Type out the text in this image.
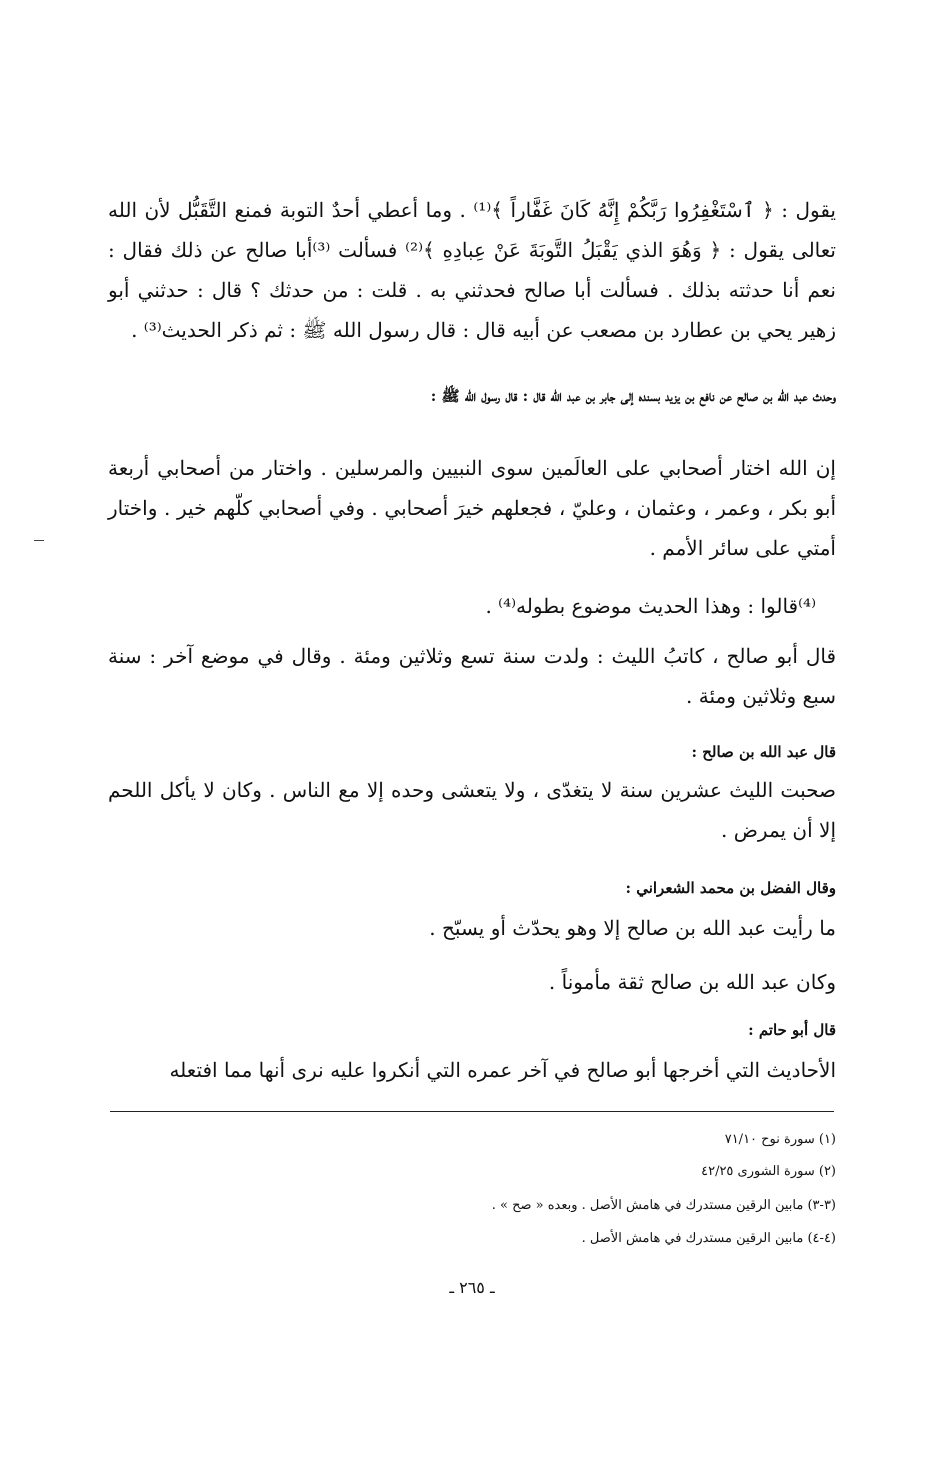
يقول : ﴿ ٱسْتَغْفِرُوا رَبَّكُمْ إِنَّهُ كَانَ غَفَّاراً ﴾⁽¹⁾ . وما أعطي أحدٌ التوبة فمنع التَّقَبُّل لأن الله تعالى يقول : ﴿ وَهُوَ الذي يَقْبَلُ التَّوبَةَ عَنْ عِبادِهِ ﴾⁽²⁾ فسألت ⁽³⁾أبا صالح عن ذلك فقال : نعم أنا حدثته بذلك . فسألت أبا صالح فحدثني به . قلت : من حدثك ؟ قال : حدثني أبو زهير يحي بن عطارد بن مصعب عن أبيه قال : قال رسول الله ﷺ : ثم ذكر الحديث⁽³⁾ .
وحدث عبد الله بن صالح عن نافع بن يزيد بسنده إلى جابر بن عبد الله قال : قال رسول الله ﷺ :
إن الله اختار أصحابي على العالَمين سوى النبيين والمرسلين . واختار من أصحابي أربعة أبو بكر ، وعمر ، وعثمان ، وعليّ ، فجعلهم خيرَ أصحابي . وفي أصحابي كلّهم خير . واختار أمتي على سائر الأمم .
⁽⁴⁾قالوا : وهذا الحديث موضوع بطوله⁽⁴⁾ .
قال أبو صالح ، كاتبُ الليث : ولدت سنة تسع وثلاثين ومئة . وقال في موضع آخر : سنة سبع وثلاثين ومئة .
قال عبد الله بن صالح :
صحبت الليث عشرين سنة لا يتغدّى ، ولا يتعشى وحده إلا مع الناس . وكان لا يأكل اللحم إلا أن يمرض .
وقال الفضل بن محمد الشعراني :
ما رأيت عبد الله بن صالح إلا وهو يحدّث أو يسبّح .
وكان عبد الله بن صالح ثقة مأموناً .
قال أبو حاتم :
الأحاديث التي أخرجها أبو صالح في آخر عمره التي أنكروا عليه نرى أنها مما افتعله
(١) سورة نوح ٧١/١٠
(٢) سورة الشورى ٤٢/٢٥
(٣-٣) مابين الرقين مستدرك في هامش الأصل . وبعده « صح » .
(٤-٤) مابين الرقين مستدرك في هامش الأصل .
ـ ٢٦٥ ـ
